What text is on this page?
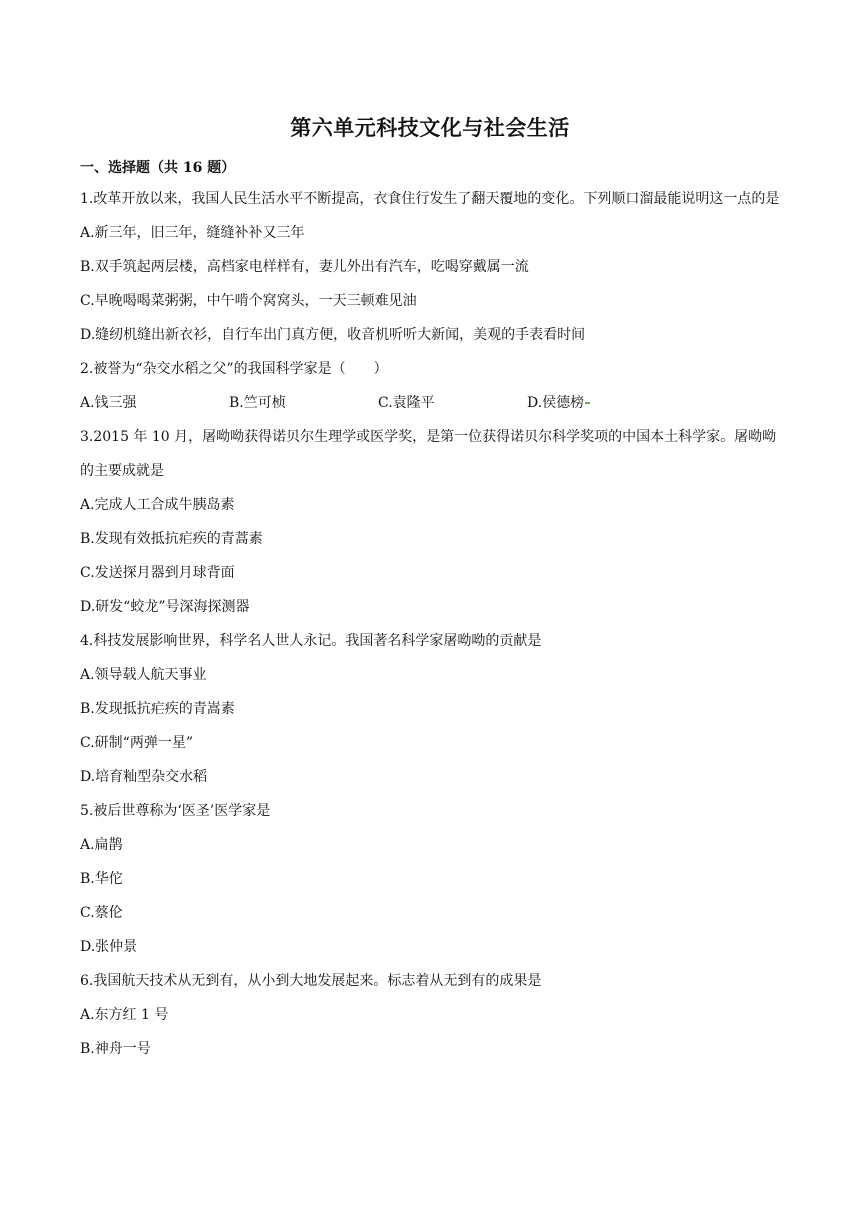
第六单元科技文化与社会生活
一、选择题（共 16 题）
1.改革开放以来，我国人民生活水平不断提高，衣食住行发生了翻天覆地的变化。下列顺口溜最能说明这一点的是
A.新三年，旧三年，缝缝补补又三年
B.双手筑起两层楼，高档家电样样有，妻儿外出有汽车，吃喝穿戴属一流
C.早晚喝喝菜粥粥，中午啃个窝窝头，一天三顿难见油
D.缝纫机缝出新衣衫，自行车出门真方便，收音机听听大新闻，美观的手表看时间
2.被誉为“杂交水稻之父”的我国科学家是（　　）
A.钱三强	B.竺可桢	C.袁隆平	D.侯德榜
3.2015 年 10 月，屠呦呦获得诺贝尔生理学或医学奖，是第一位获得诺贝尔科学奖项的中国本土科学家。屠呦呦的主要成就是
A.完成人工合成牛胰岛素
B.发现有效抵抗疟疾的青蒿素
C.发送探月器到月球背面
D.研发“蛟龙”号深海探测器
4.科技发展影响世界，科学名人世人永记。我国著名科学家屠呦呦的贡献是
A.领导载人航天事业
B.发现抵抗疟疾的青嵩素
C.研制“两弹一星”
D.培育籼型杂交水稻
5.被后世尊称为‘医圣’医学家是
A.扁鹊
B.华佗
C.蔡伦
D.张仲景
6.我国航天技术从无到有，从小到大地发展起来。标志着从无到有的成果是
A.东方红 1 号
B.神舟一号
